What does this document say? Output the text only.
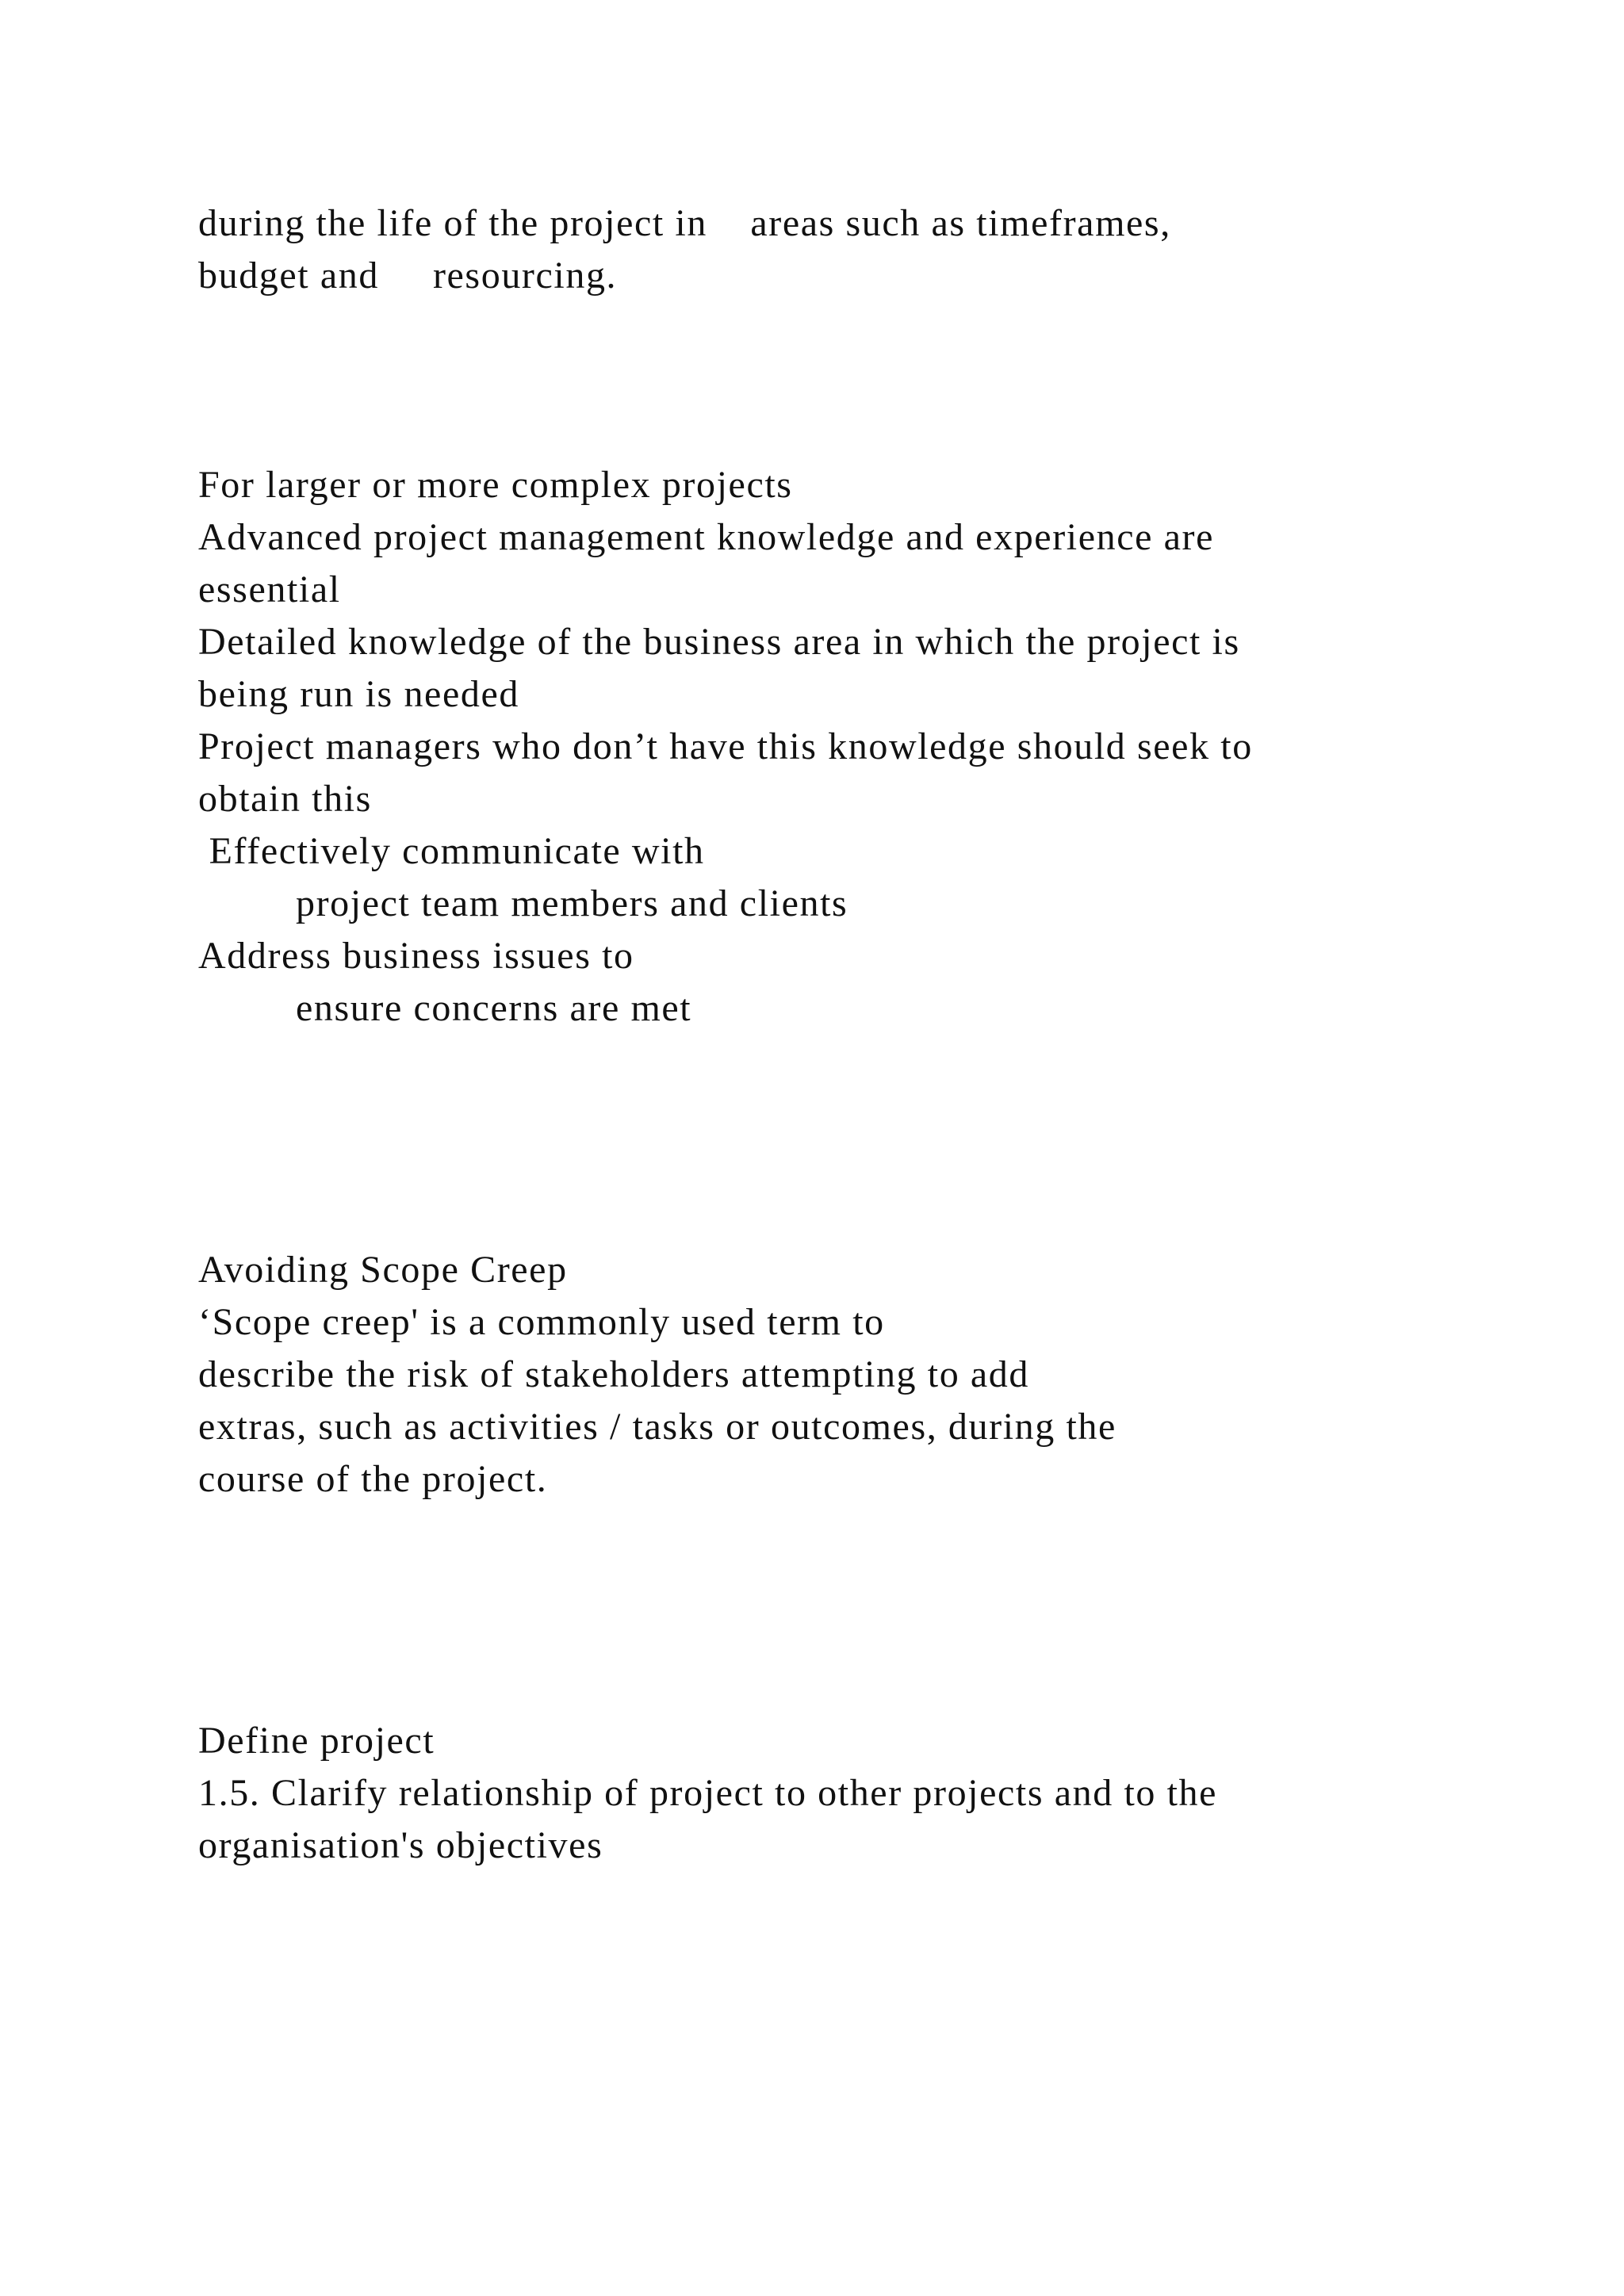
during the life of the project in    areas such as timeframes,
budget and     resourcing.
For larger or more complex projects
Advanced project management knowledge and experience are
essential
Detailed knowledge of the business area in which the project is
being run is needed
Project managers who don’t have this knowledge should seek to
obtain this
Effectively communicate with
project team members and clients
Address business issues to
ensure concerns are met
Avoiding Scope Creep
‘Scope creep' is a commonly used term to
describe the risk of stakeholders attempting to add
extras, such as activities / tasks or outcomes, during the
course of the project.
Define project
1.5. Clarify relationship of project to other projects and to the
organisation's objectives
